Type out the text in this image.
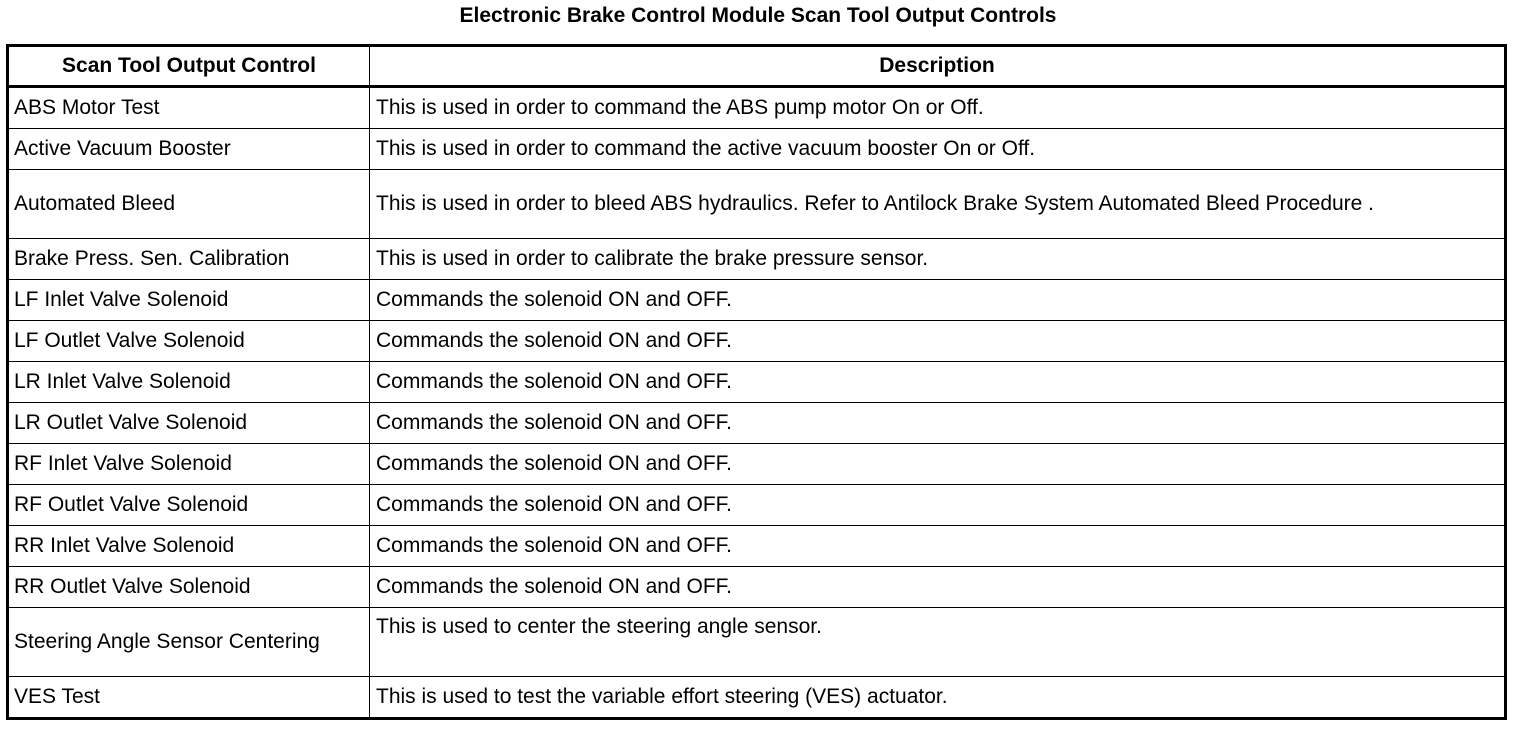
Electronic Brake Control Module Scan Tool Output Controls
Scan Tool Output Control	Description
ABS Motor Test	This is used in order to command the ABS pump motor On or Off.
Active Vacuum Booster	This is used in order to command the active vacuum booster On or Off.
Automated Bleed	This is used in order to bleed ABS hydraulics. Refer to Antilock Brake System Automated Bleed Procedure .
Brake Press. Sen. Calibration	This is used in order to calibrate the brake pressure sensor.
LF Inlet Valve Solenoid	Commands the solenoid ON and OFF.
LF Outlet Valve Solenoid	Commands the solenoid ON and OFF.
LR Inlet Valve Solenoid	Commands the solenoid ON and OFF.
LR Outlet Valve Solenoid	Commands the solenoid ON and OFF.
RF Inlet Valve Solenoid	Commands the solenoid ON and OFF.
RF Outlet Valve Solenoid	Commands the solenoid ON and OFF.
RR Inlet Valve Solenoid	Commands the solenoid ON and OFF.
RR Outlet Valve Solenoid	Commands the solenoid ON and OFF.
Steering Angle Sensor Centering	This is used to center the steering angle sensor.
VES Test	This is used to test the variable effort steering (VES) actuator.
